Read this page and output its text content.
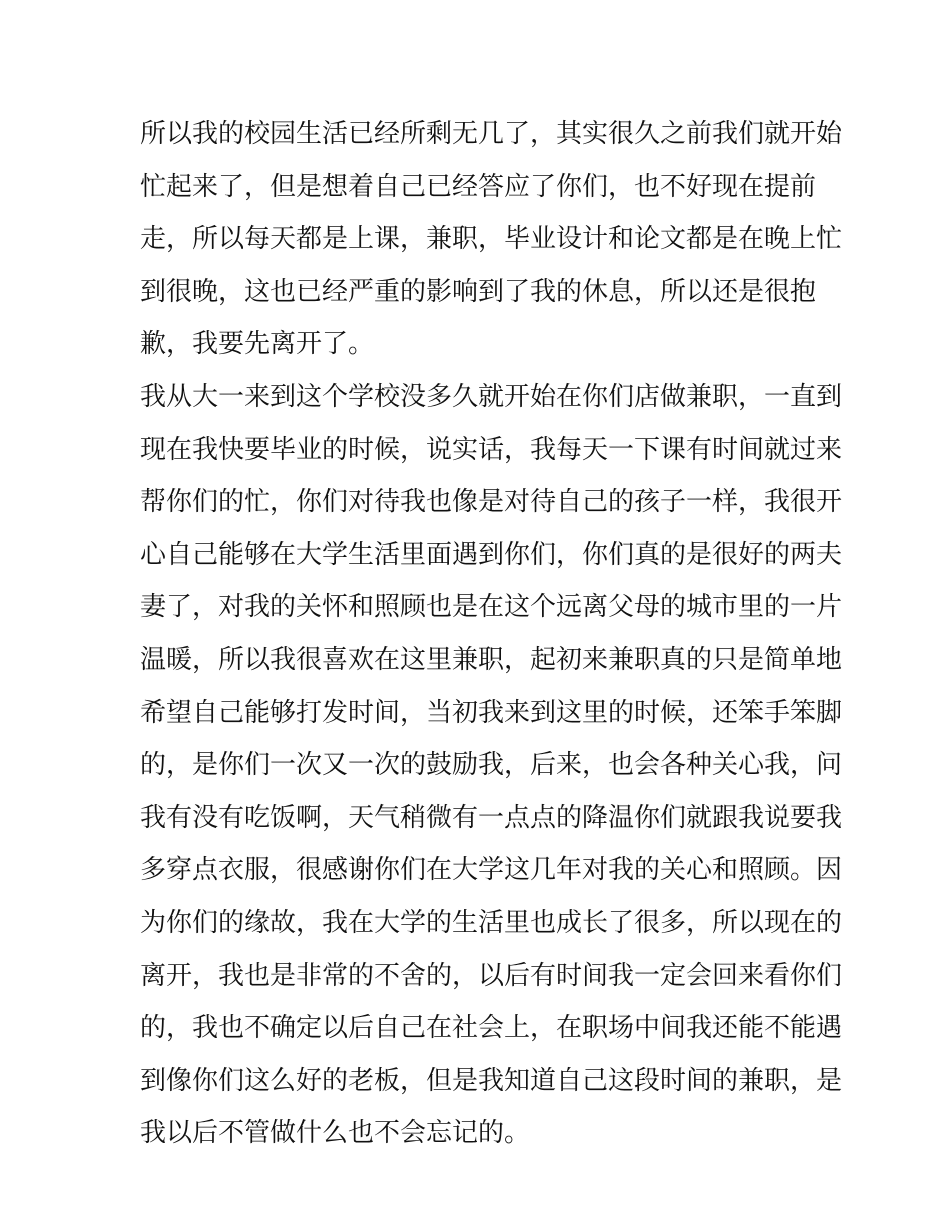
所以我的校园生活已经所剩无几了，其实很久之前我们就开始
忙起来了，但是想着自己已经答应了你们，也不好现在提前
走，所以每天都是上课，兼职，毕业设计和论文都是在晚上忙
到很晚，这也已经严重的影响到了我的休息，所以还是很抱
歉，我要先离开了。
我从大一来到这个学校没多久就开始在你们店做兼职，一直到
现在我快要毕业的时候，说实话，我每天一下课有时间就过来
帮你们的忙，你们对待我也像是对待自己的孩子一样，我很开
心自己能够在大学生活里面遇到你们，你们真的是很好的两夫
妻了，对我的关怀和照顾也是在这个远离父母的城市里的一片
温暖，所以我很喜欢在这里兼职，起初来兼职真的只是简单地
希望自己能够打发时间，当初我来到这里的时候，还笨手笨脚
的，是你们一次又一次的鼓励我，后来，也会各种关心我，问
我有没有吃饭啊，天气稍微有一点点的降温你们就跟我说要我
多穿点衣服，很感谢你们在大学这几年对我的关心和照顾。因
为你们的缘故，我在大学的生活里也成长了很多，所以现在的
离开，我也是非常的不舍的，以后有时间我一定会回来看你们
的，我也不确定以后自己在社会上，在职场中间我还能不能遇
到像你们这么好的老板，但是我知道自己这段时间的兼职，是
我以后不管做什么也不会忘记的。
